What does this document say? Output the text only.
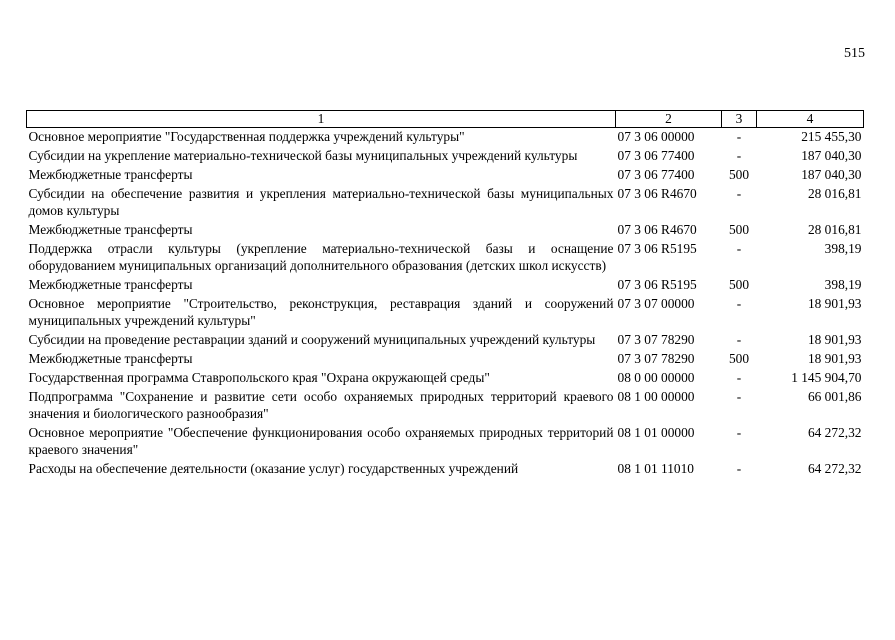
515
1	2	3	4
Основное мероприятие "Государственная поддержка учреждений культуры"	07 3 06 00000	-	215 455,30
Субсидии на укрепление материально-технической базы муниципальных учреждений культуры	07 3 06 77400	-	187 040,30
Межбюджетные трансферты	07 3 06 77400	500	187 040,30
Субсидии на обеспечение развития и укрепления материально-технической базы муниципальных домов культуры	07 3 06 R4670	-	28 016,81
Межбюджетные трансферты	07 3 06 R4670	500	28 016,81
Поддержка отрасли культуры (укрепление материально-технической базы и оснащение оборудованием муниципальных организаций дополнительного образования (детских школ искусств)	07 3 06 R5195	-	398,19
Межбюджетные трансферты	07 3 06 R5195	500	398,19
Основное мероприятие "Строительство, реконструкция, реставрация зданий и сооружений муниципальных учреждений культуры"	07 3 07 00000	-	18 901,93
Субсидии на проведение реставрации зданий и сооружений муниципальных учреждений культуры	07 3 07 78290	-	18 901,93
Межбюджетные трансферты	07 3 07 78290	500	18 901,93
Государственная программа Ставропольского края "Охрана окружающей среды"	08 0 00 00000	-	1 145 904,70
Подпрограмма "Сохранение и развитие сети особо охраняемых природных территорий краевого значения и биологического разнообразия"	08 1 00 00000	-	66 001,86
Основное мероприятие "Обеспечение функционирования особо охраняемых природных территорий краевого значения"	08 1 01 00000	-	64 272,32
Расходы на обеспечение деятельности (оказание услуг) государственных учреждений	08 1 01 11010	-	64 272,32
